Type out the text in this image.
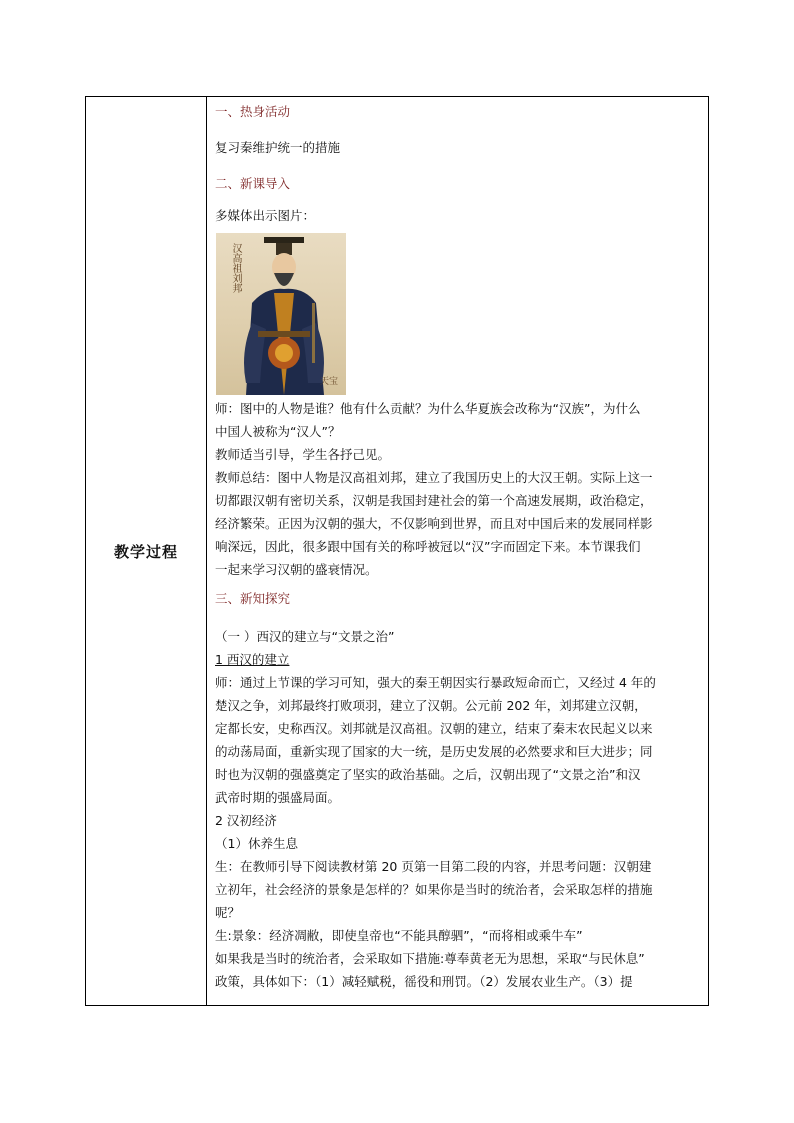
教学过程
一、热身活动
复习秦维护统一的措施
二、新课导入
多媒体出示图片：
汉高祖刘邦
天宝
师：图中的人物是谁？他有什么贡献？为什么华夏族会改称为“汉族”，为什么
中国人被称为“汉人”？
教师适当引导，学生各抒己见。
教师总结：图中人物是汉高祖刘邦，建立了我国历史上的大汉王朝。实际上这一
切都跟汉朝有密切关系，汉朝是我国封建社会的第一个高速发展期，政治稳定，
经济繁荣。正因为汉朝的强大，不仅影响到世界，而且对中国后来的发展同样影
响深远，因此，很多跟中国有关的称呼被冠以“汉”字而固定下来。本节课我们
一起来学习汉朝的盛衰情况。
三、新知探究
（一 ）西汉的建立与“文景之治”
1 西汉的建立
师：通过上节课的学习可知，强大的秦王朝因实行暴政短命而亡，又经过 4 年的
楚汉之争，刘邦最终打败项羽，建立了汉朝。公元前 202 年，刘邦建立汉朝，
定都长安，史称西汉。刘邦就是汉高祖。汉朝的建立，结束了秦末农民起义以来
的动荡局面，重新实现了国家的大一统，是历史发展的必然要求和巨大进步；同
时也为汉朝的强盛奠定了坚实的政治基础。之后，汉朝出现了“文景之治”和汉
武帝时期的强盛局面。
2 汉初经济
（1）休养生息
生：在教师引导下阅读教材第 20 页第一目第二段的内容，并思考问题：汉朝建
立初年，社会经济的景象是怎样的？如果你是当时的统治者，会采取怎样的措施
呢？
生:景象：经济凋敝，即使皇帝也“不能具醇驷”，“而将相或乘牛车”
如果我是当时的统治者，会采取如下措施:尊奉黄老无为思想，采取“与民休息”
政策，具体如下：（1）减轻赋税，徭役和刑罚。（2）发展农业生产。（3）提
